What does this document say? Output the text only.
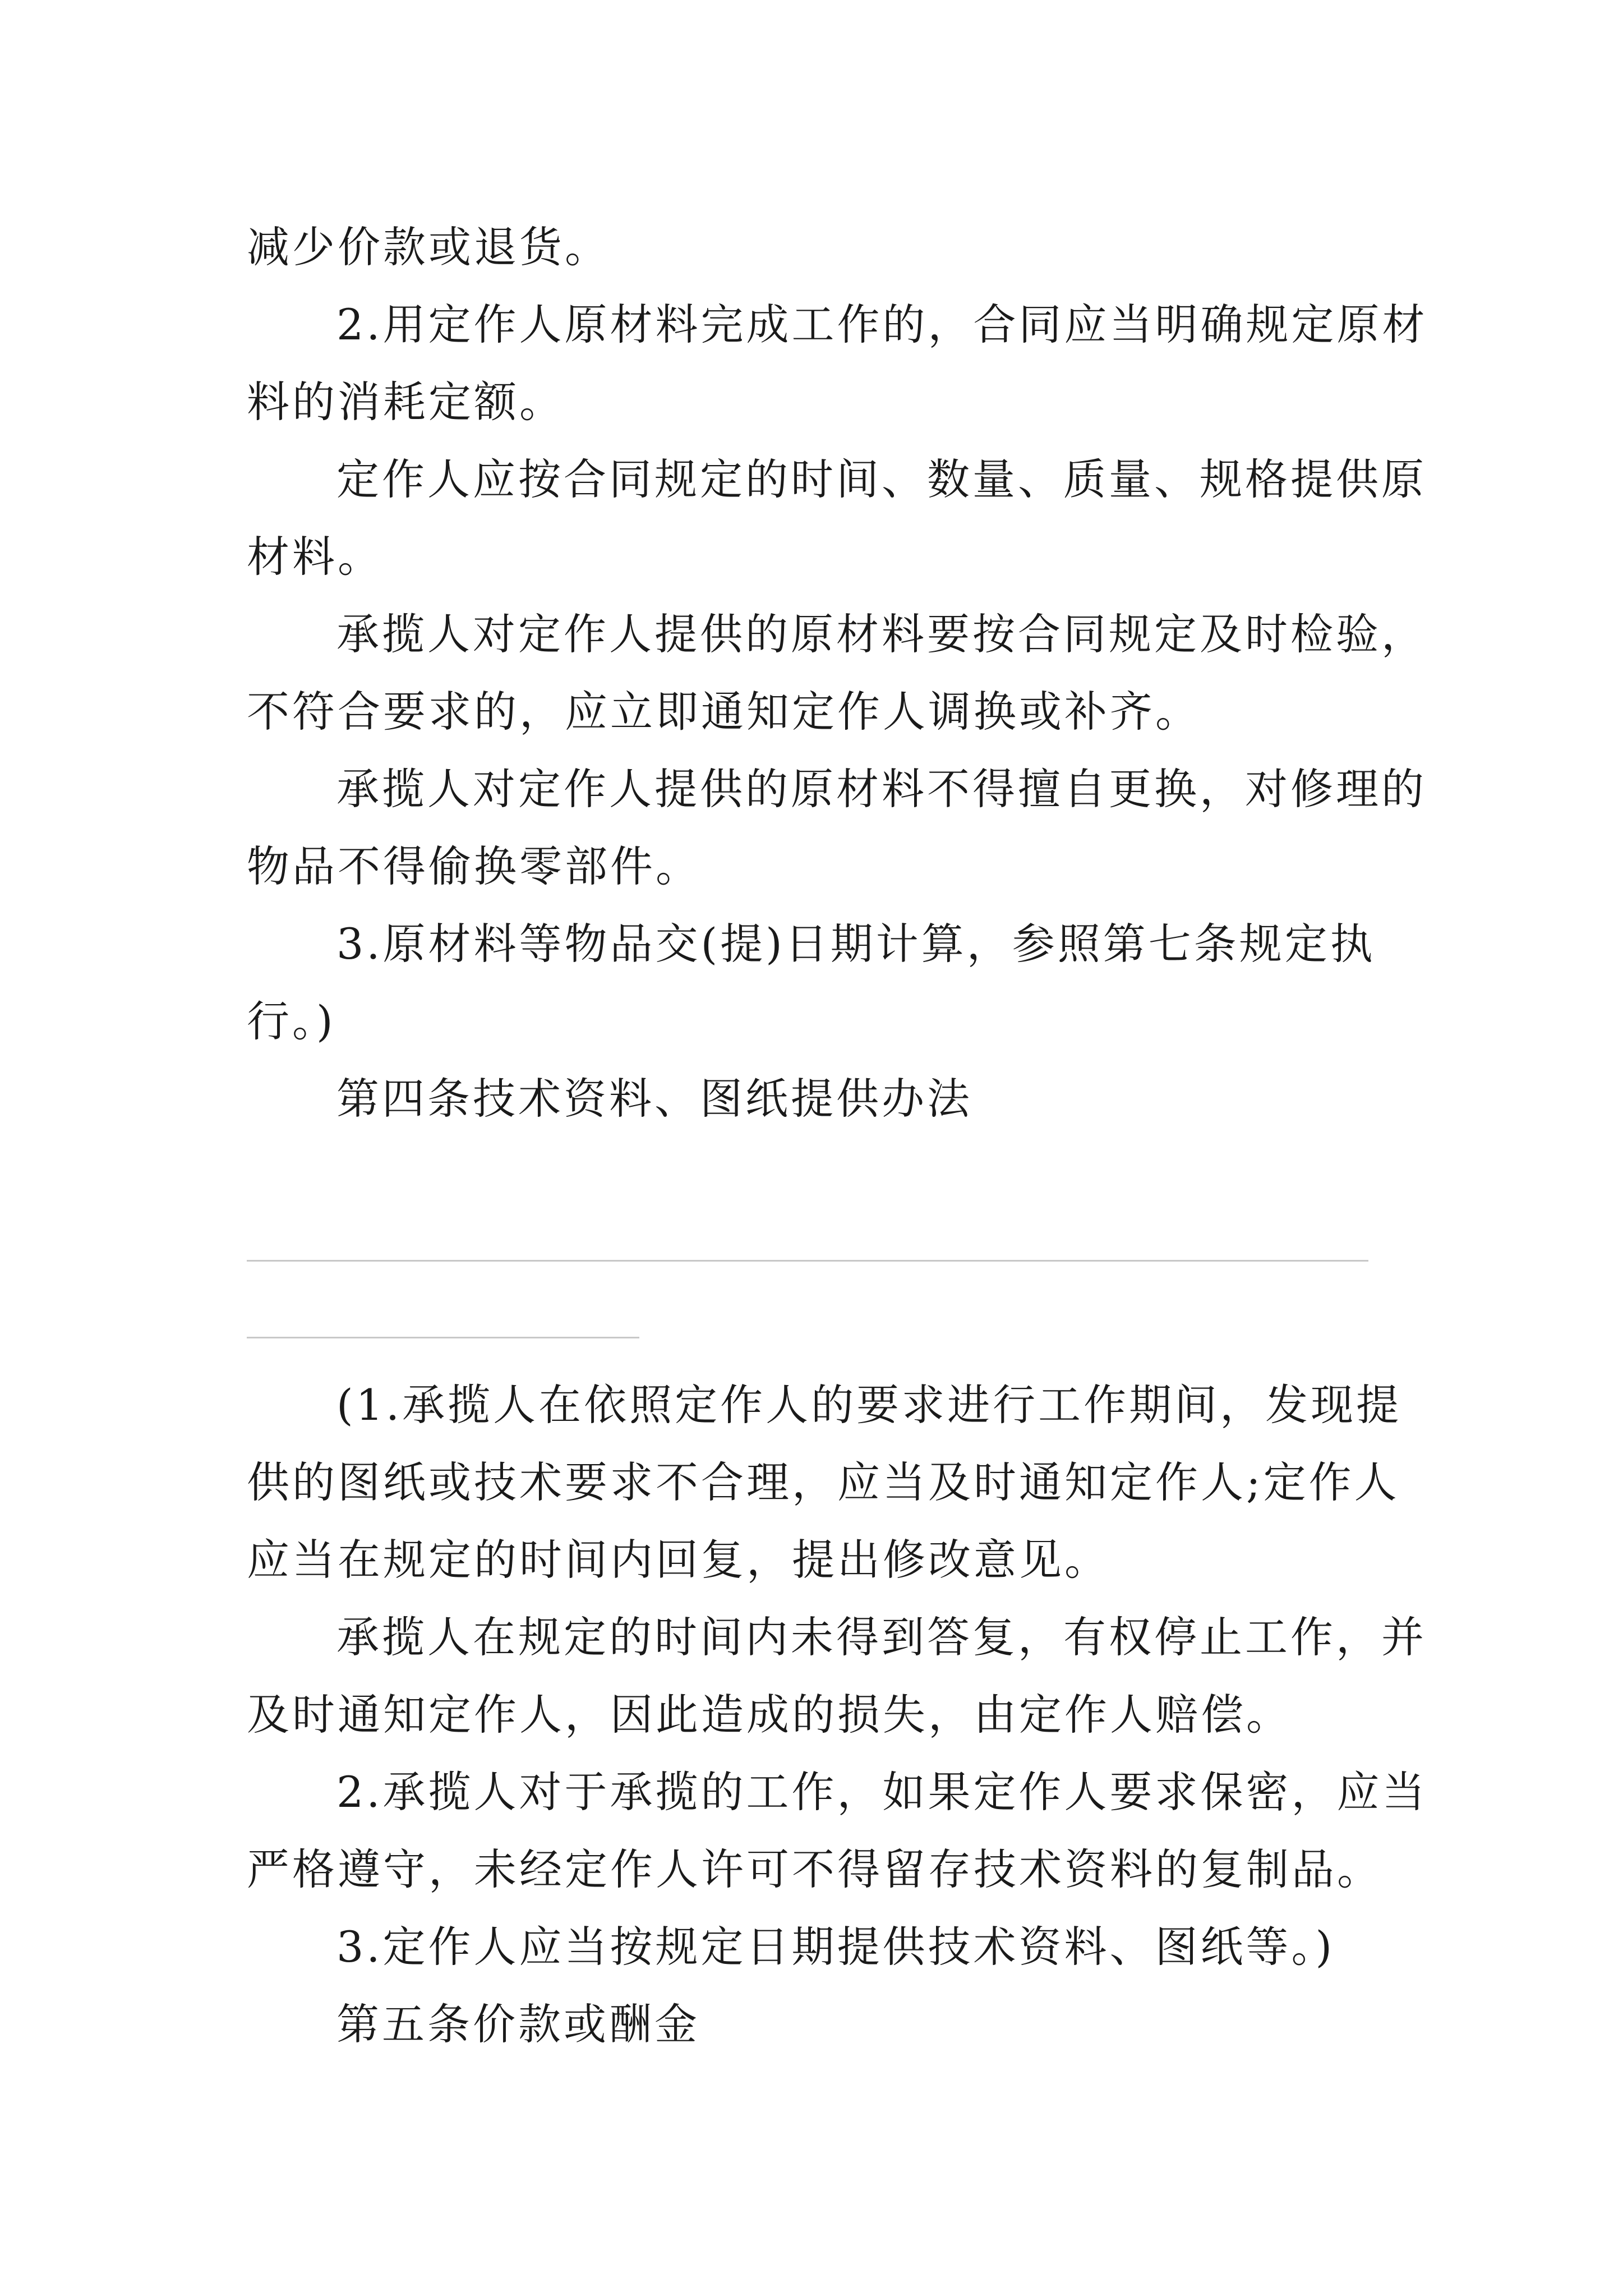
减少价款或退货。
2.用定作人原材料完成工作的，合同应当明确规定原材
料的消耗定额。
定作人应按合同规定的时间、数量、质量、规格提供原
材料。
承揽人对定作人提供的原材料要按合同规定及时检验，
不符合要求的，应立即通知定作人调换或补齐。
承揽人对定作人提供的原材料不得擅自更换，对修理的
物品不得偷换零部件。
3.原材料等物品交(提)日期计算，参照第七条规定执
行。)
第四条技术资料、图纸提供办法
(1.承揽人在依照定作人的要求进行工作期间，发现提
供的图纸或技术要求不合理，应当及时通知定作人;定作人
应当在规定的时间内回复，提出修改意见。
承揽人在规定的时间内未得到答复，有权停止工作，并
及时通知定作人，因此造成的损失，由定作人赔偿。
2.承揽人对于承揽的工作，如果定作人要求保密，应当
严格遵守，未经定作人许可不得留存技术资料的复制品。
3.定作人应当按规定日期提供技术资料、图纸等。)
第五条价款或酬金
